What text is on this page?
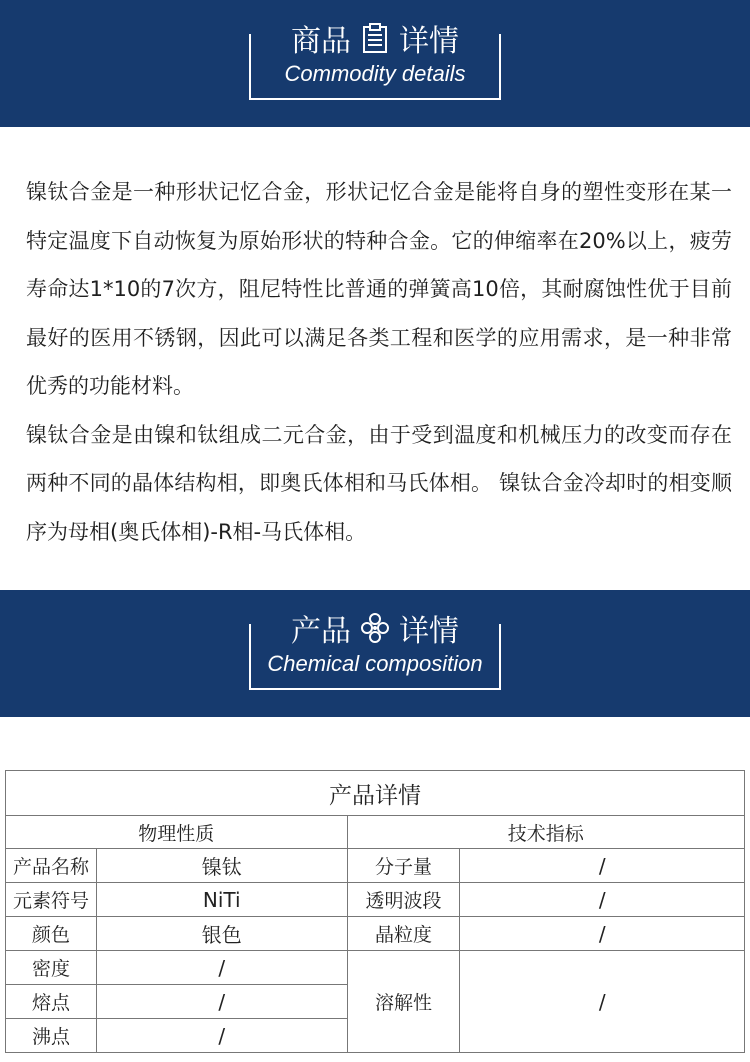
商品 详情
Commodity details

镍钛合金是一种形状记忆合金，形状记忆合金是能将自身的塑性变形在某一特定温度下自动恢复为原始形状的特种合金。它的伸缩率在20%以上，疲劳寿命达1*10的7次方，阻尼特性比普通的弹簧高10倍，其耐腐蚀性优于目前最好的医用不锈钢，因此可以满足各类工程和医学的应用需求，是一种非常优秀的功能材料。

镍钛合金是由镍和钛组成二元合金，由于受到温度和机械压力的改变而存在两种不同的晶体结构相，即奥氏体相和马氏体相。 镍钛合金冷却时的相变顺序为母相(奥氏体相)-R相-马氏体相。

产品 详情
Chemical composition
产品详情			
物理性质		技术指标	
产品名称	镍钛	分子量	/
元素符号	NiTi	透明波段	/
颜色	银色	晶粒度	/
密度	/	溶解性	/
熔点	/		
沸点	/		
